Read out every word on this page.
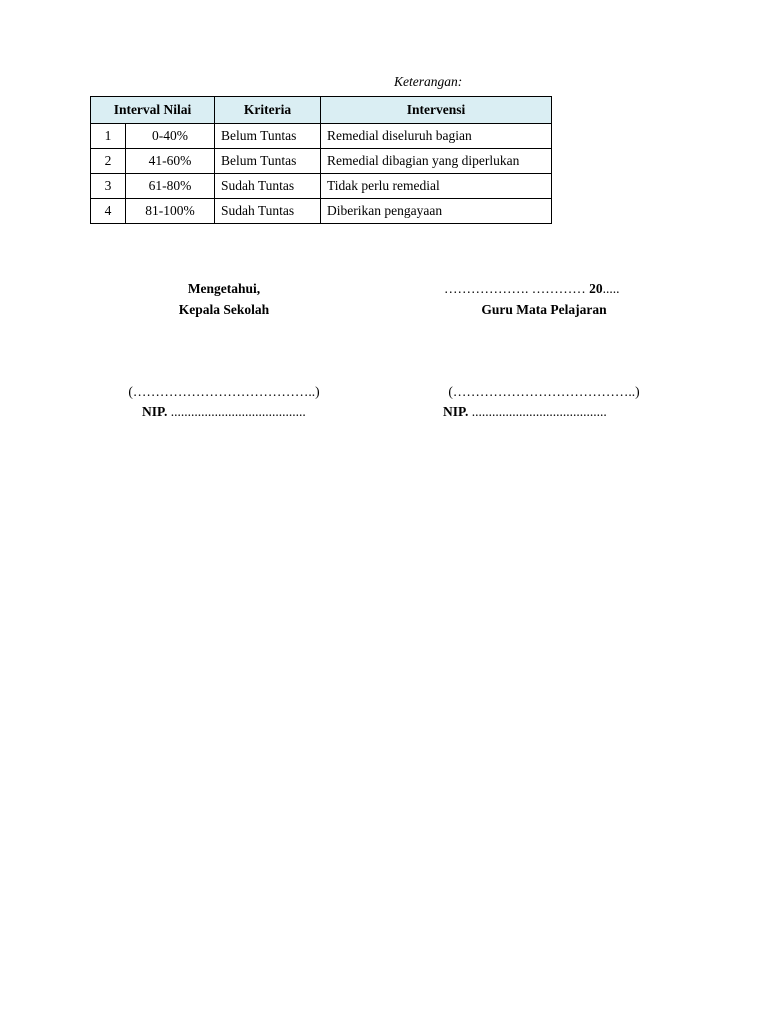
Keterangan:
Interval Nilai		Kriteria	Intervensi
1	0-40%	Belum Tuntas	Remedial diseluruh bagian
2	41-60%	Belum Tuntas	Remedial dibagian yang diperlukan
3	61-80%	Sudah Tuntas	Tidak perlu remedial
4	81-100%	Sudah Tuntas	Diberikan pengayaan
Mengetahui,
Kepala Sekolah
(…………………………………..)
NIP. ........................................
………………. ………… 20.....
Guru Mata Pelajaran
(…………………………………..)
NIP. ........................................
